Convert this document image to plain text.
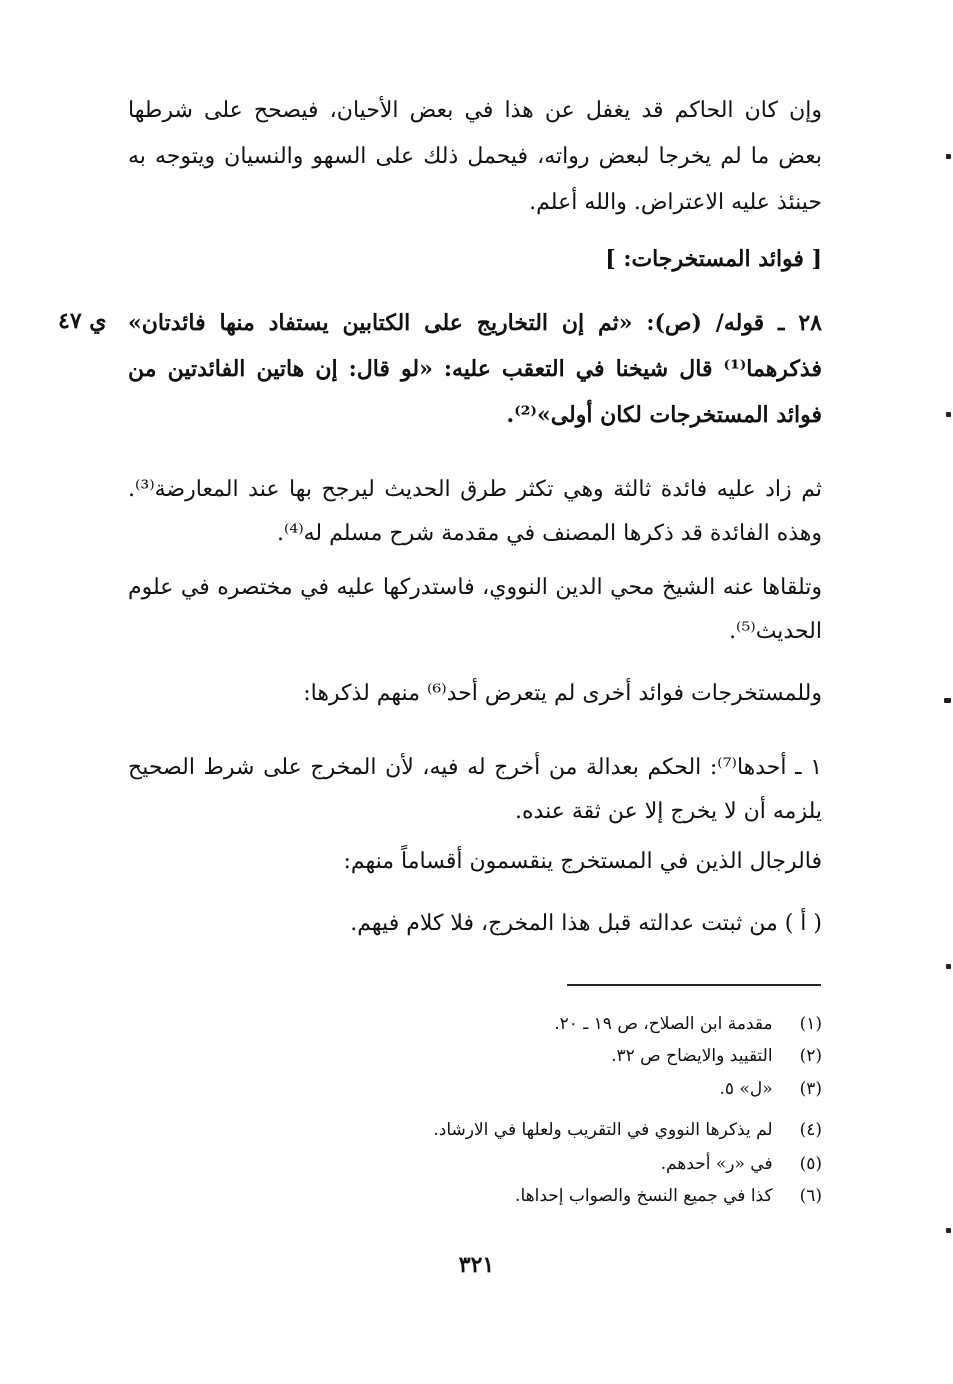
وإن كان الحاكم قد يغفل عن هذا في بعض الأحيان، فيصحح على شرطها بعض ما لم يخرجا لبعض رواته، فيحمل ذلك على السهو والنسيان ويتوجه به حينئذ عليه الاعتراض. والله أعلم.
[ فوائد المستخرجات: ]
ي ٤٧ ٢٨ ـ قوله/ (ص): «ثم إن التخاريج على الكتابين يستفاد منها فائدتان» فذكرهما⁽¹⁾ قال شيخنا في التعقب عليه: «لو قال: إن هاتين الفائدتين من فوائد المستخرجات لكان أولى»⁽²⁾.
ثم زاد عليه فائدة ثالثة وهي تكثر طرق الحديث ليرجح بها عند المعارضة⁽³⁾. وهذه الفائدة قد ذكرها المصنف في مقدمة شرح مسلم له⁽⁴⁾.
وتلقاها عنه الشيخ محي الدين النووي، فاستدركها عليه في مختصره في علوم الحديث⁽⁵⁾.
وللمستخرجات فوائد أخرى لم يتعرض أحد⁽⁶⁾ منهم لذكرها:
١ ـ أحدها⁽⁷⁾: الحكم بعدالة من أخرج له فيه، لأن المخرج على شرط الصحيح يلزمه أن لا يخرج إلا عن ثقة عنده.
فالرجال الذين في المستخرج ينقسمون أقساماً منهم:
( أ ) من ثبتت عدالته قبل هذا المخرج، فلا كلام فيهم.
(١) مقدمة ابن الصلاح، ص ١٩ ـ ٢٠.
(٢) التقييد والايضاح ص ٣٢.
(٣) «ل» ٥.
(٤) لم يذكرها النووي في التقريب ولعلها في الارشاد.
(٥) في «ر» أحدهم.
(٦) كذا في جميع النسخ والصواب إحداها.
٣٢١
